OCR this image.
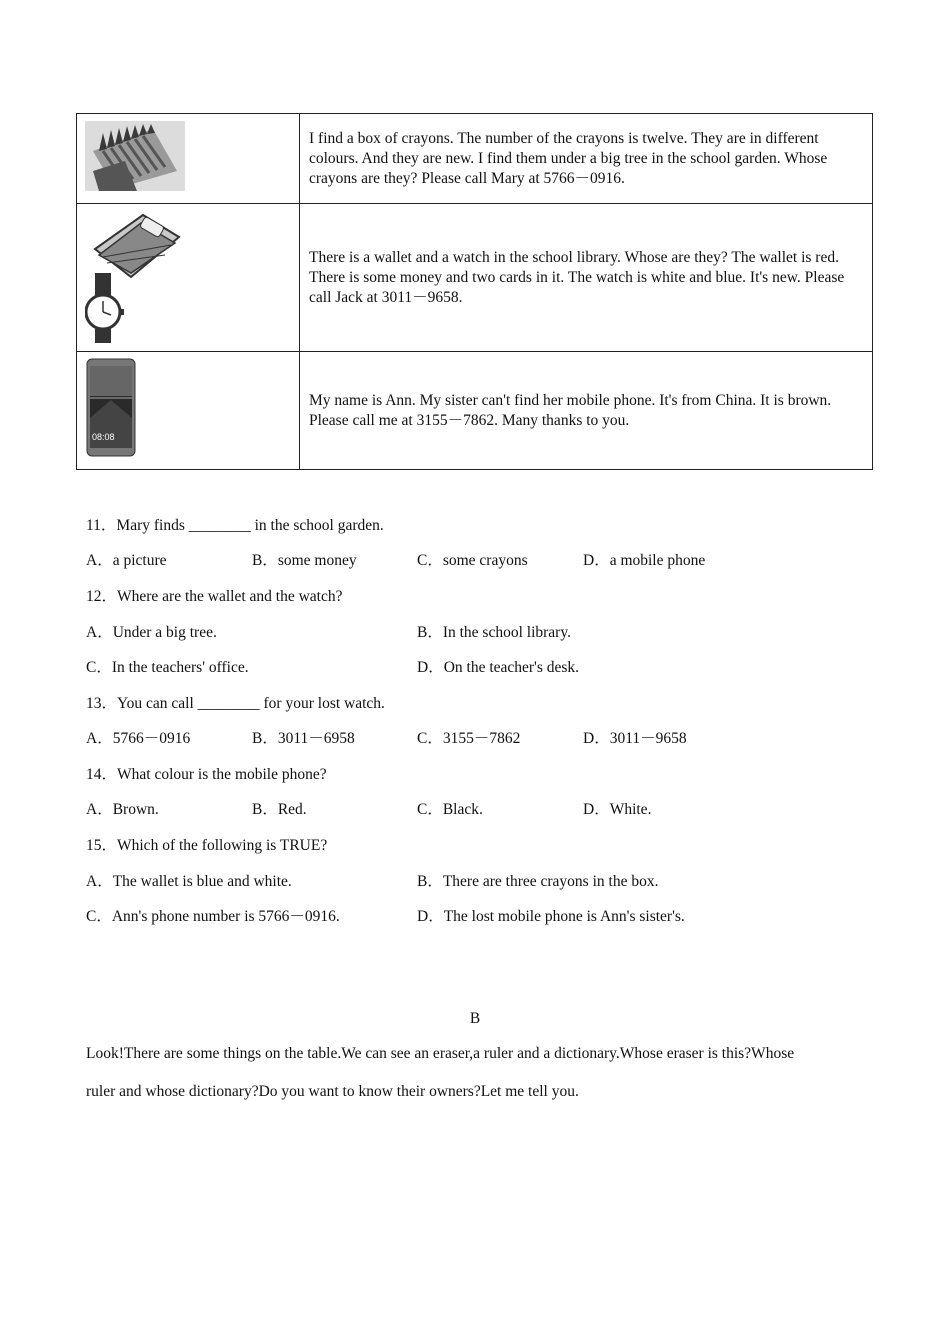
	I find a box of crayons. The number of the crayons is twelve. They are in different colours. And they are new. I find them under a big tree in the school garden. Whose crayons are they? Please call Mary at 5766－0916.

	There is a wallet and a watch in the school library. Whose are they? The wallet is red. There is some money and two cards in it. The watch is white and blue. It's new. Please call Jack at 3011－9658.

08:08	My name is Ann. My sister can't find her mobile phone. It's from China. It is brown. Please call me at 3155－7862. Many thanks to you.
11．Mary finds ________ in the school garden.
A．a picture	B．some money	C．some crayons	D．a mobile phone
12．Where are the wallet and the watch?
A．Under a big tree.	B．In the school library.
C．In the teachers' office.	D．On the teacher's desk.
13．You can call ________ for your lost watch.
A．5766－0916	B．3011－6958	C．3155－7862	D．3011－9658
14．What colour is the mobile phone?
A．Brown.	B．Red.	C．Black.	D．White.
15．Which of the following is TRUE?
A．The wallet is blue and white.	B．There are three crayons in the box.
C．Ann's phone number is 5766－0916.	D．The lost mobile phone is Ann's sister's.
B
Look!There are some things on the table.We can see an eraser,a ruler and a dictionary.Whose eraser is this?Whose
ruler and whose dictionary?Do you want to know their owners?Let me tell you.
